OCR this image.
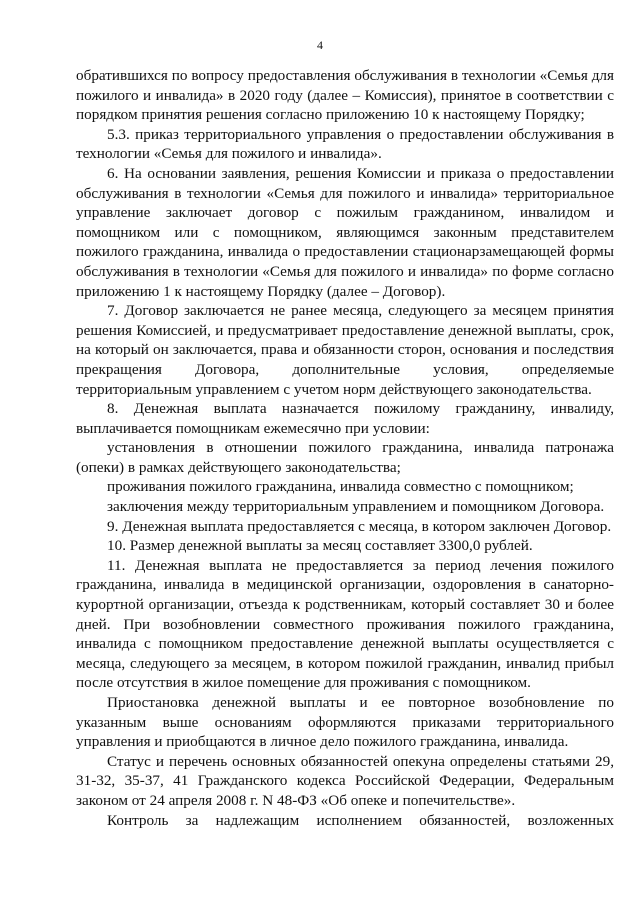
4

обратившихся по вопросу предоставления обслуживания в технологии «Семья для пожилого и инвалида» в 2020 году (далее – Комиссия), принятое в соответствии с порядком принятия решения согласно приложению 10 к настоящему Порядку;

5.3. приказ территориального управления о предоставлении обслуживания в технологии «Семья для пожилого и инвалида».

6. На основании заявления, решения Комиссии и приказа о предоставлении обслуживания в технологии «Семья для пожилого и инвалида» территориальное управление заключает договор с пожилым гражданином, инвалидом и помощником или с помощником, являющимся законным представителем пожилого гражданина, инвалида о предоставлении стационарзамещающей формы обслуживания в технологии «Семья для пожилого и инвалида» по форме согласно приложению 1 к настоящему Порядку (далее – Договор).

7. Договор заключается не ранее месяца, следующего за месяцем принятия решения Комиссией, и предусматривает предоставление денежной выплаты, срок, на который он заключается, права и обязанности сторон, основания и последствия прекращения Договора, дополнительные условия, определяемые территориальным управлением с учетом норм действующего законодательства.

8. Денежная выплата назначается пожилому гражданину, инвалиду, выплачивается помощникам ежемесячно при условии:

установления в отношении пожилого гражданина, инвалида патронажа (опеки) в рамках действующего законодательства;

проживания пожилого гражданина, инвалида совместно с помощником;

заключения между территориальным управлением и помощником Договора.

9. Денежная выплата предоставляется с месяца, в котором заключен Договор.

10. Размер денежной выплаты за месяц составляет 3300,0 рублей.

11. Денежная выплата не предоставляется за период лечения пожилого гражданина, инвалида в медицинской организации, оздоровления в санаторно-курортной организации, отъезда к родственникам, который составляет 30 и более дней. При возобновлении совместного проживания пожилого гражданина, инвалида с помощником предоставление денежной выплаты осуществляется с месяца, следующего за месяцем, в котором пожилой гражданин, инвалид прибыл после отсутствия в жилое помещение для проживания с помощником.

Приостановка денежной выплаты и ее повторное возобновление по указанным выше основаниям оформляются приказами территориального управления и приобщаются в личное дело пожилого гражданина, инвалида.

Статус и перечень основных обязанностей опекуна определены статьями 29, 31-32, 35-37, 41 Гражданского кодекса Российской Федерации, Федеральным законом от 24 апреля 2008 г. N 48-ФЗ «Об опеке и попечительстве».

Контроль за надлежащим исполнением обязанностей, возложенных
